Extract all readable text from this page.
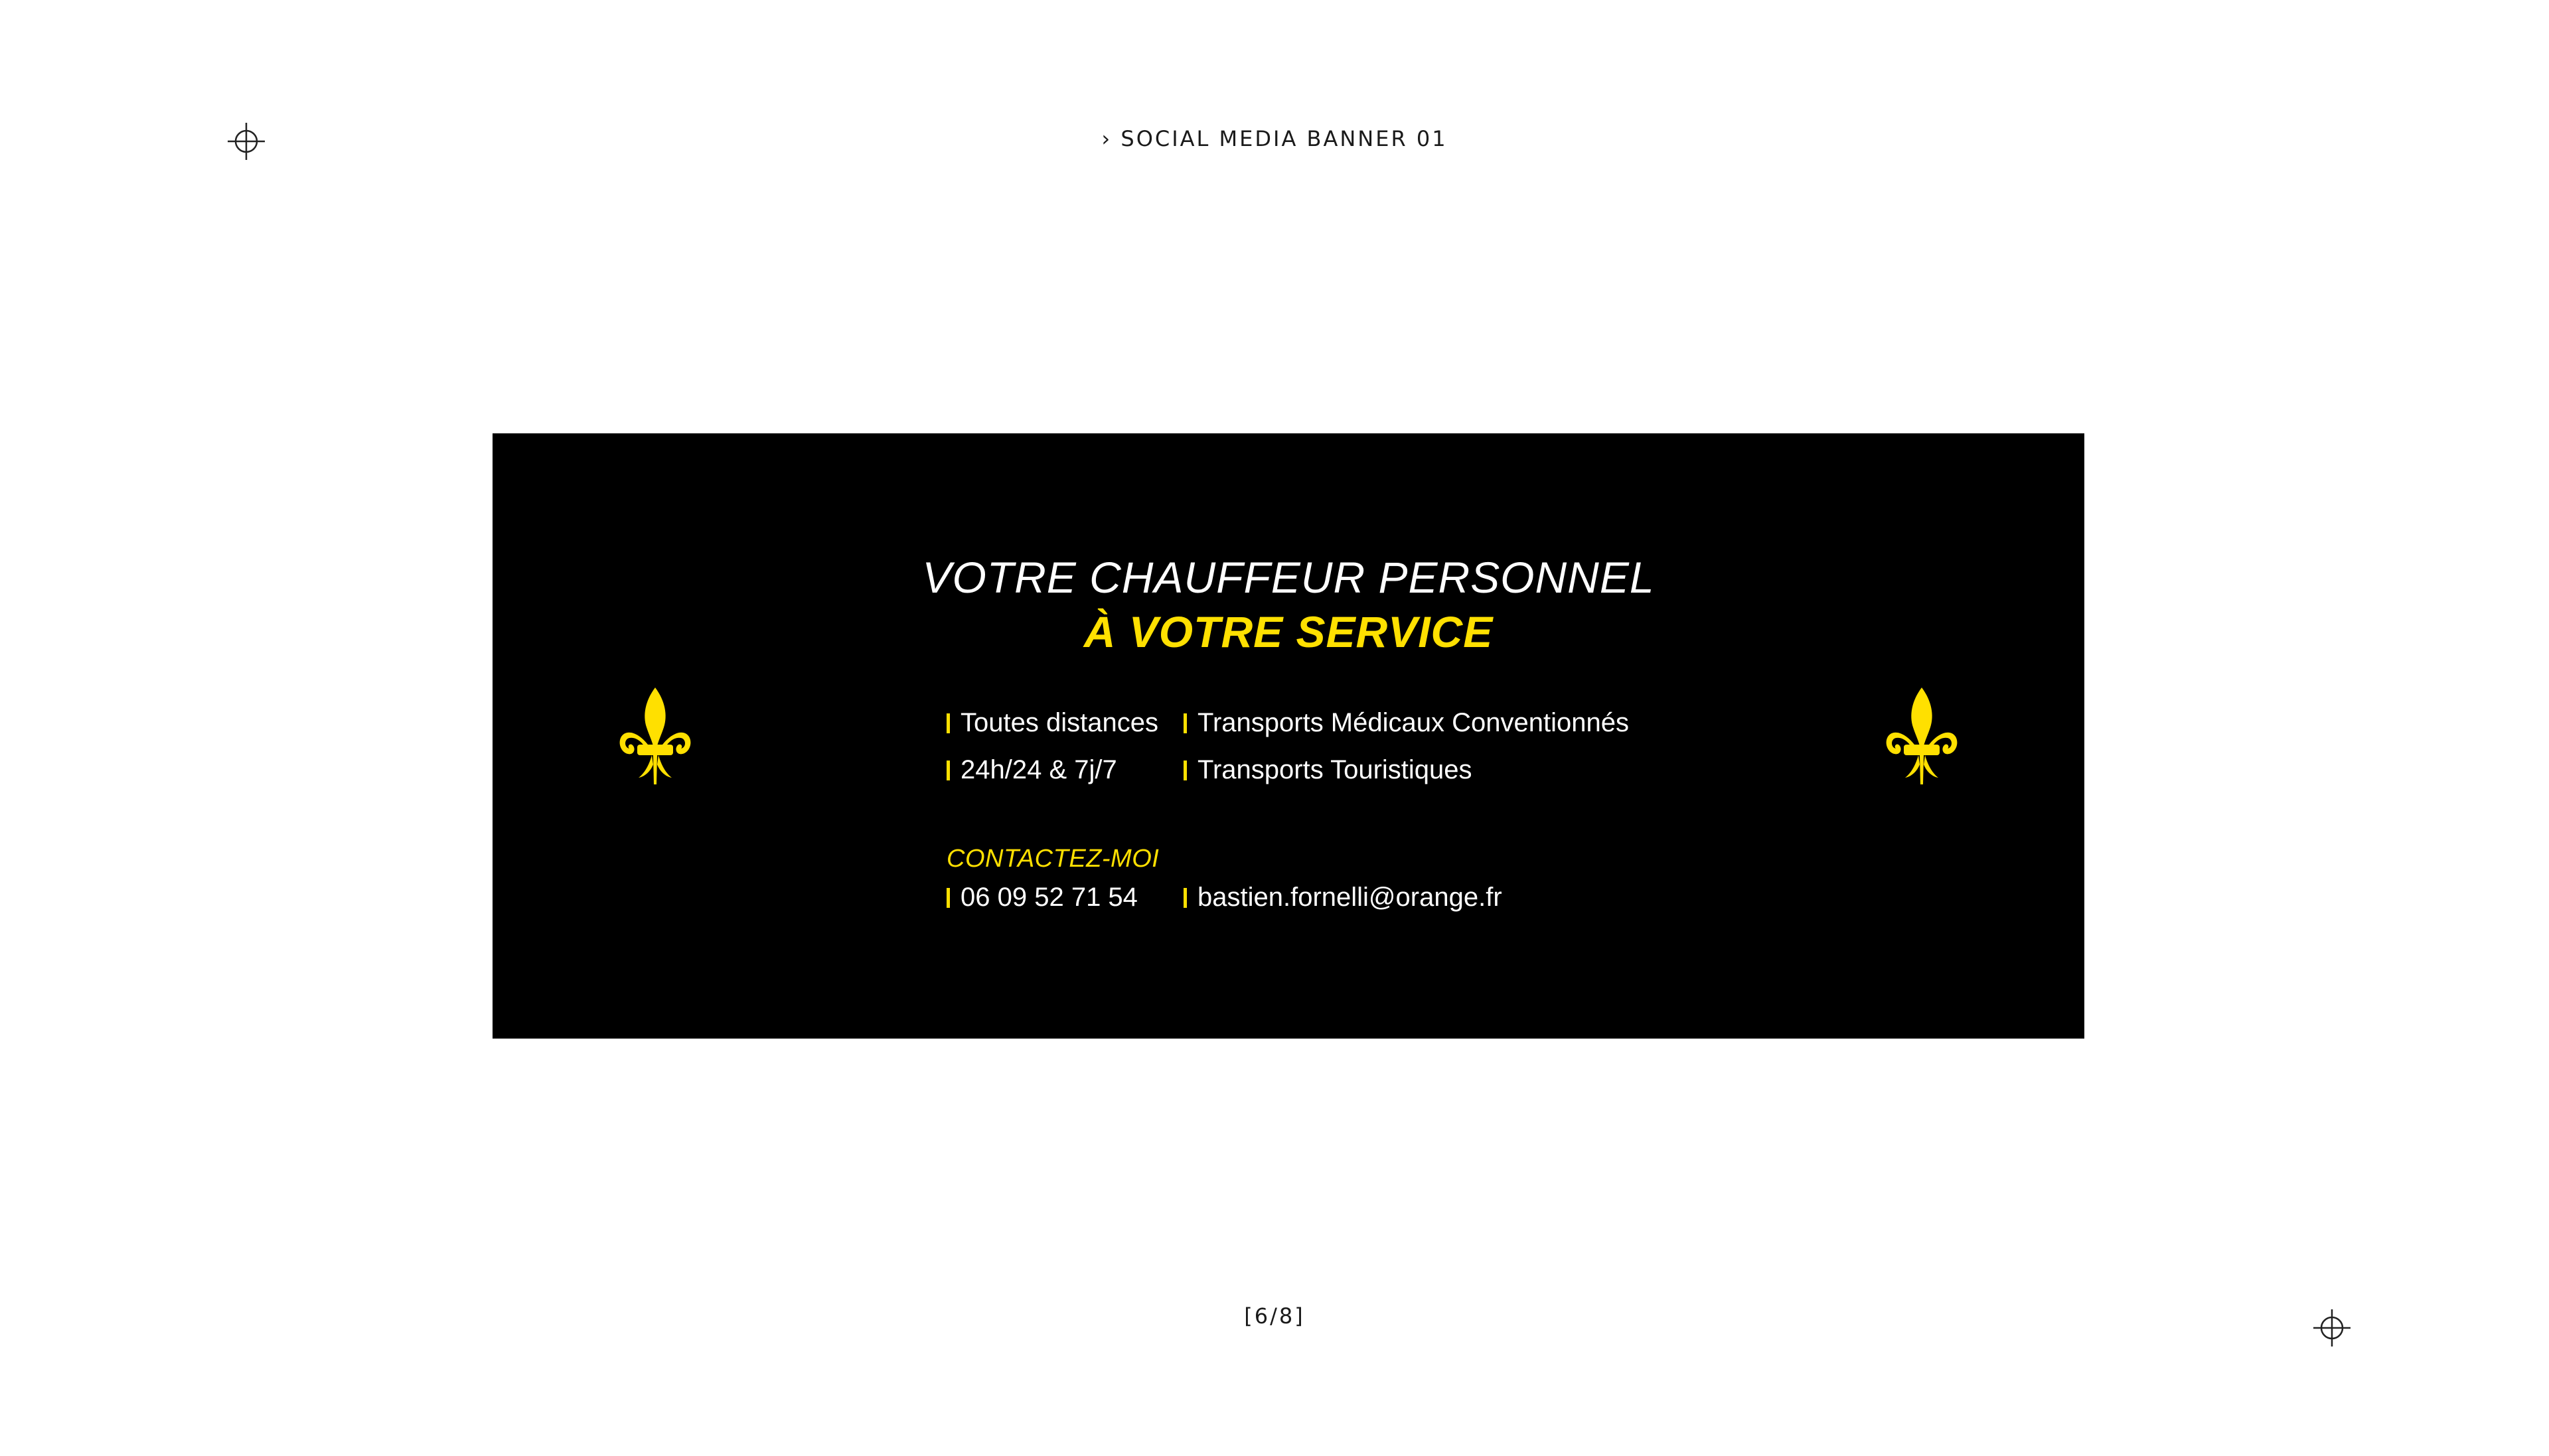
› SOCIAL MEDIA BANNER 01
VOTRE CHAUFFEUR PERSONNEL
À VOTRE SERVICE
Toutes distances Transports Médicaux Conventionnés
24h/24 & 7j/7	Transports Touristiques
CONTACTEZ-MOI
06 09 52 71 54 bastien.fornelli@orange.fr
[6/8]
